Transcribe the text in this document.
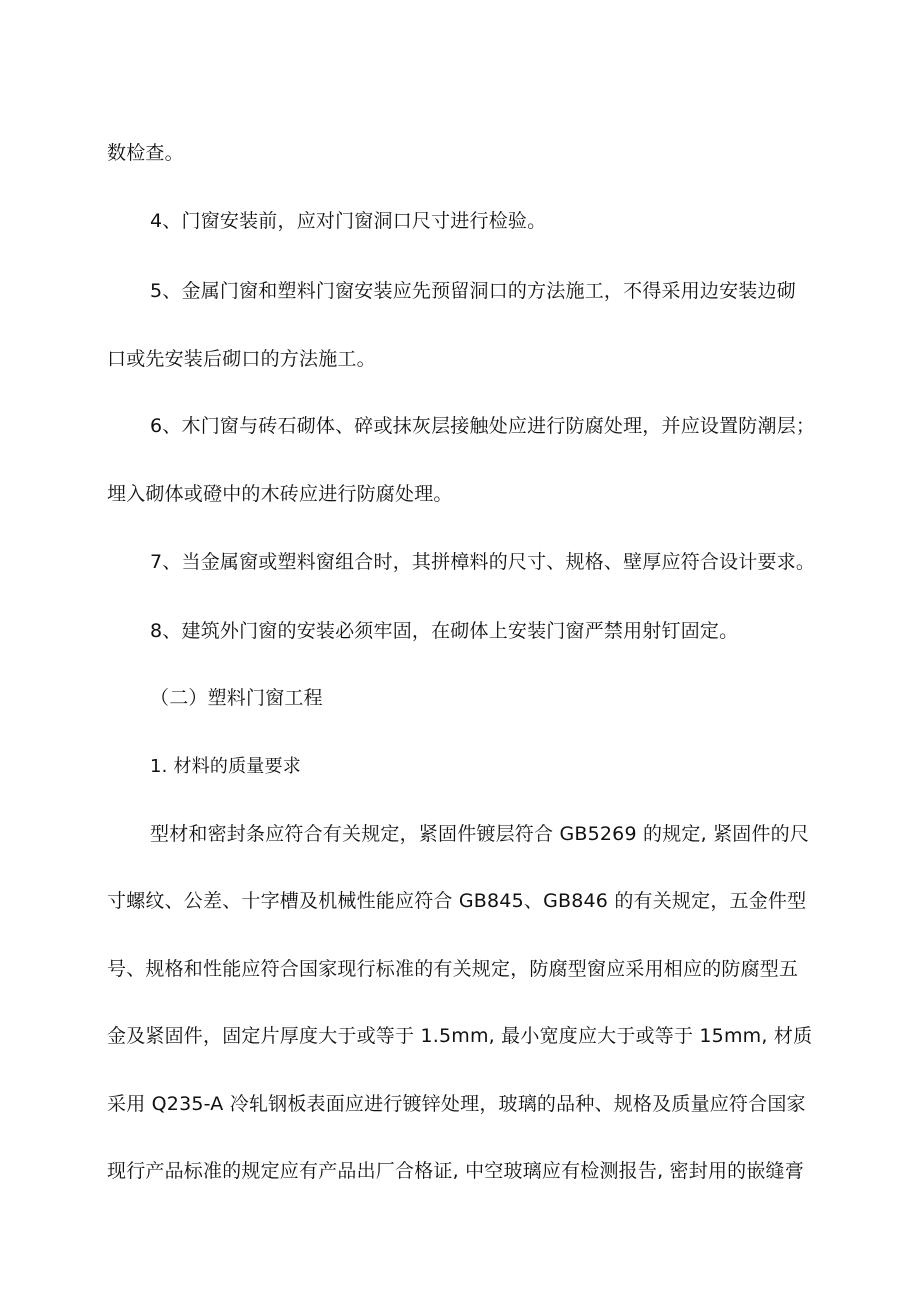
数检查。
4、门窗安装前，应对门窗洞口尺寸进行检验。
5、金属门窗和塑料门窗安装应先预留洞口的方法施工，不得采用边安装边砌
口或先安装后砌口的方法施工。
6、木门窗与砖石砌体、碎或抹灰层接触处应进行防腐处理，并应设置防潮层；
埋入砌体或磴中的木砖应进行防腐处理。
7、当金属窗或塑料窗组合时，其拼樟料的尺寸、规格、壁厚应符合设计要求。
8、建筑外门窗的安装必须牢固，在砌体上安装门窗严禁用射钉固定。
（二）塑料门窗工程
1. 材料的质量要求
型材和密封条应符合有关规定，紧固件镀层符合 GB5269 的规定, 紧固件的尺
寸螺纹、公差、十字槽及机械性能应符合 GB845、GB846 的有关规定，五金件型
号、规格和性能应符合国家现行标准的有关规定，防腐型窗应采用相应的防腐型五
金及紧固件，固定片厚度大于或等于 1.5mm, 最小宽度应大于或等于 15mm, 材质
采用 Q235-A 冷轧钢板表面应进行镀锌处理，玻璃的品种、规格及质量应符合国家
现行产品标准的规定应有产品出厂合格证, 中空玻璃应有检测报告, 密封用的嵌缝膏
